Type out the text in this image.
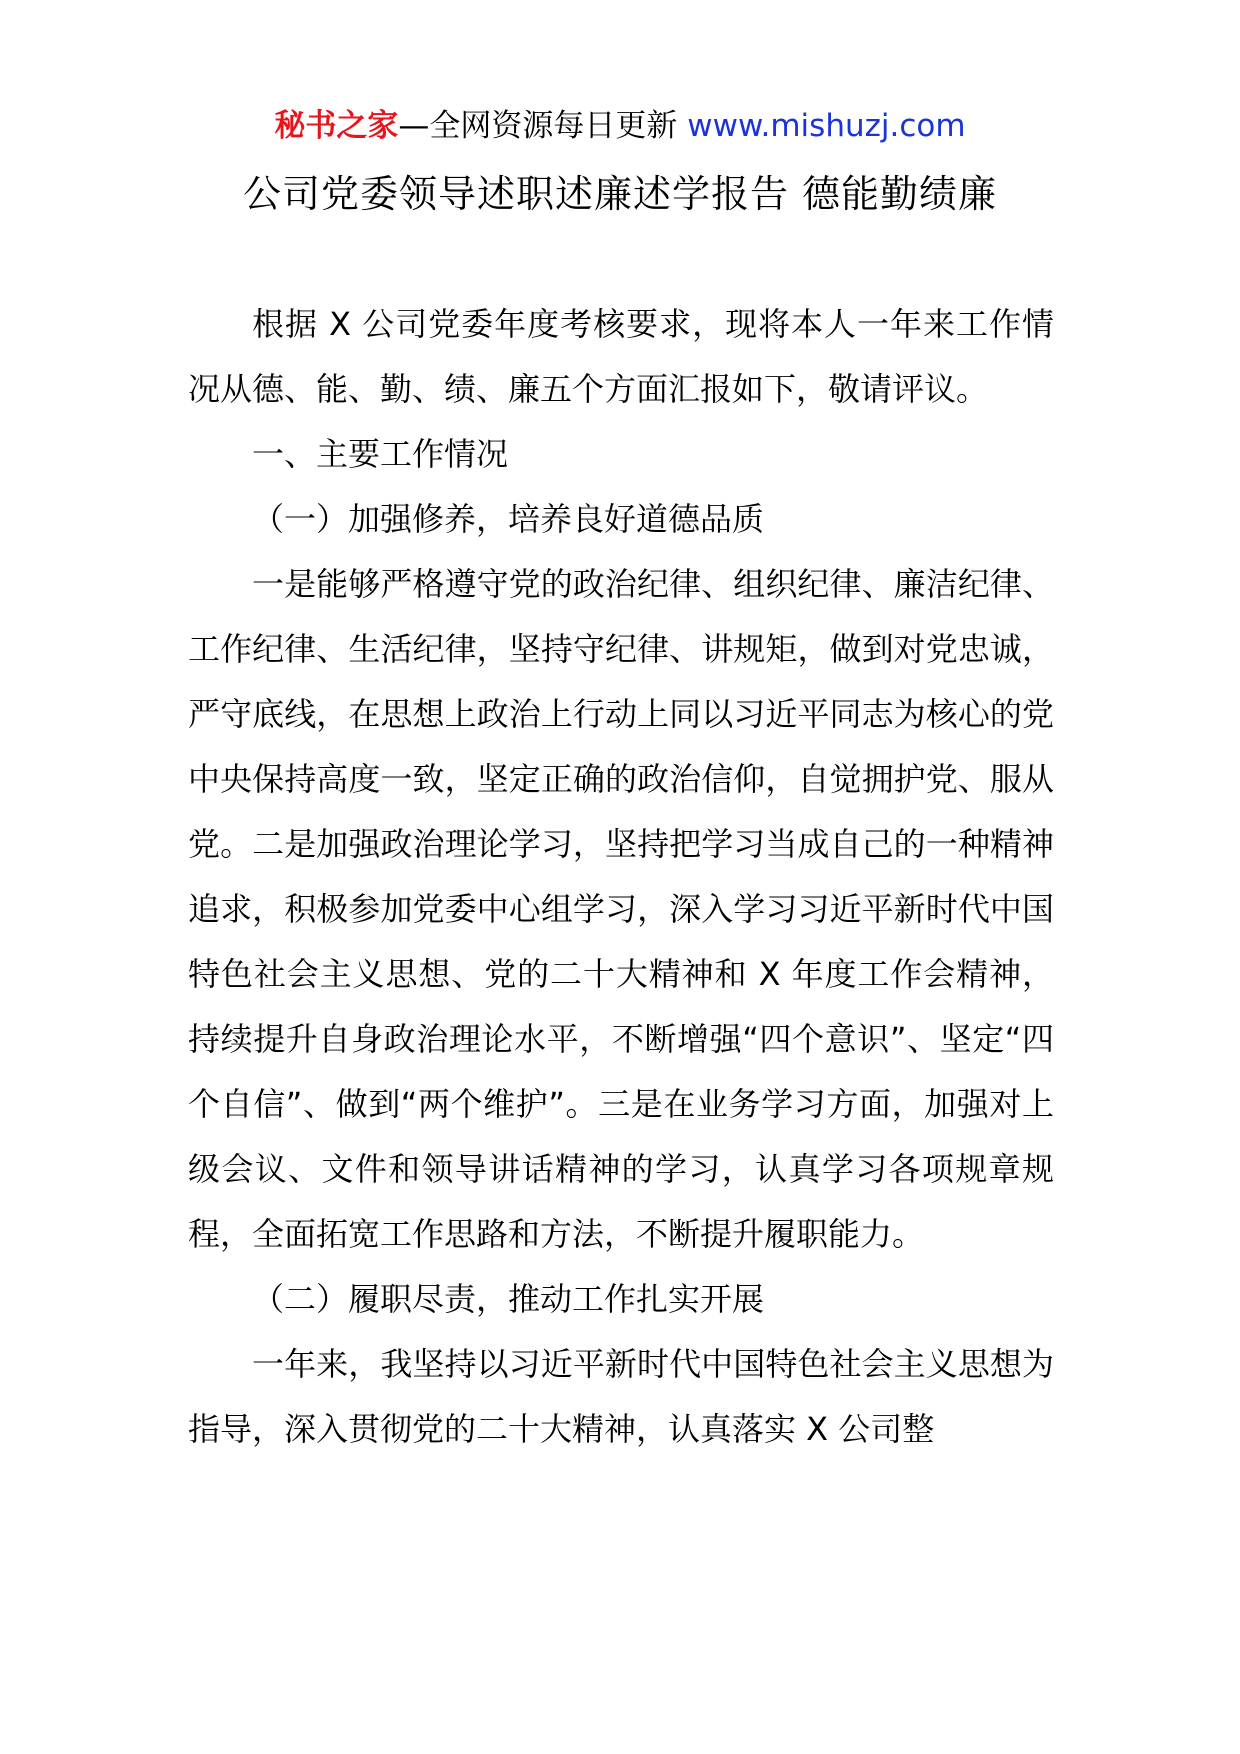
秘书之家—全网资源每日更新 www.mishuzj.com
公司党委领导述职述廉述学报告 德能勤绩廉

根据 X 公司党委年度考核要求，现将本人一年来工作情况从德、能、勤、绩、廉五个方面汇报如下，敬请评议。

一、主要工作情况

（一）加强修养，培养良好道德品质

一是能够严格遵守党的政治纪律、组织纪律、廉洁纪律、工作纪律、生活纪律，坚持守纪律、讲规矩，做到对党忠诚，严守底线，在思想上政治上行动上同以习近平同志为核心的党中央保持高度一致，坚定正确的政治信仰，自觉拥护党、服从党。二是加强政治理论学习，坚持把学习当成自己的一种精神追求，积极参加党委中心组学习，深入学习习近平新时代中国特色社会主义思想、党的二十大精神和 X 年度工作会精神，持续提升自身政治理论水平，不断增强“四个意识”、坚定“四个自信”、做到“两个维护”。三是在业务学习方面，加强对上级会议、文件和领导讲话精神的学习，认真学习各项规章规程，全面拓宽工作思路和方法，不断提升履职能力。

（二）履职尽责，推动工作扎实开展

一年来，我坚持以习近平新时代中国特色社会主义思想为指导，深入贯彻党的二十大精神，认真落实 X 公司整
